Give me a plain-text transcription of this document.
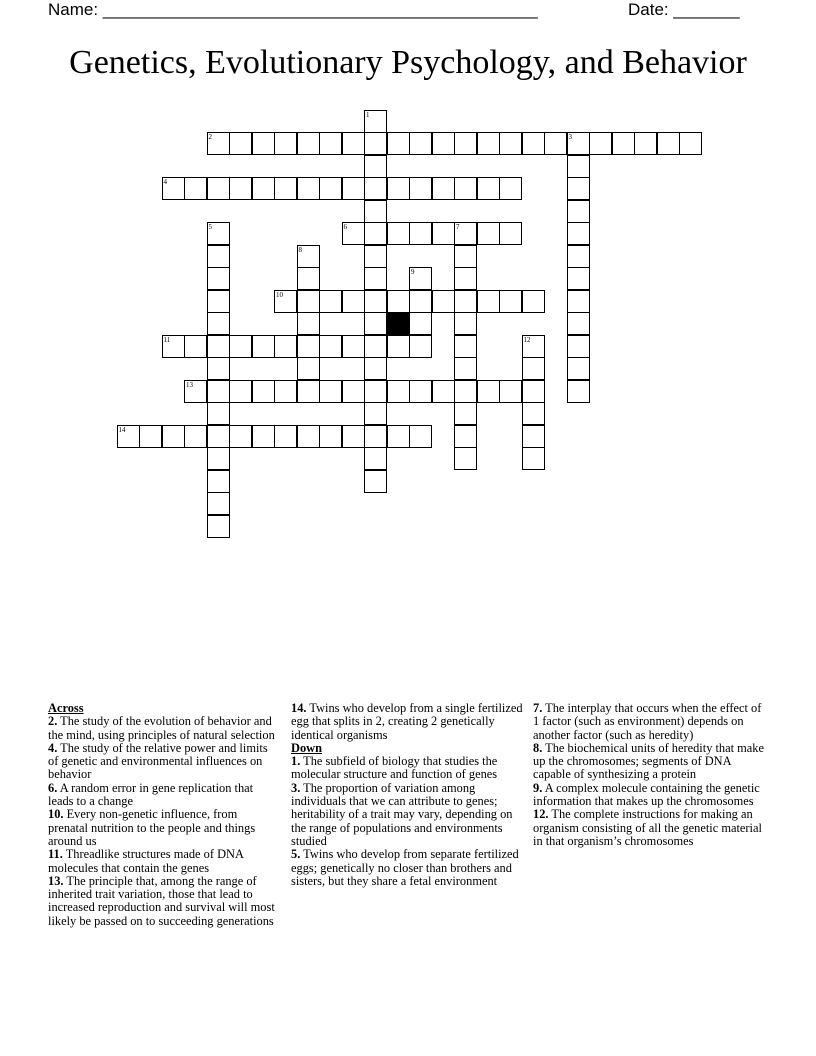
Name: ______________________________________________	Date: _______
Genetics, Evolutionary Psychology, and Behavior
1
2	3
4
5	6	7
8
9
10
11	12
13
14

Across

2. The study of the evolution of behavior and the mind, using principles of natural selection

4. The study of the relative power and limits of genetic and environmental influences on behavior

6. A random error in gene replication that leads to a change

10. Every non-genetic influence, from prenatal nutrition to the people and things around us

11. Threadlike structures made of DNA molecules that contain the genes

13. The principle that, among the range of inherited trait variation, those that lead to increased reproduction and survival will most likely be passed on to succeeding generations

14. Twins who develop from a single fertilized egg that splits in 2, creating 2 genetically identical organisms

Down

1. The subfield of biology that studies the molecular structure and function of genes

3. The proportion of variation among individuals that we can attribute to genes; heritability of a trait may vary, depending on the range of populations and environments studied

5. Twins who develop from separate fertilized eggs; genetically no closer than brothers and sisters, but they share a fetal environment

7. The interplay that occurs when the effect of 1 factor (such as environment) depends on another factor (such as heredity)

8. The biochemical units of heredity that make up the chromosomes; segments of DNA capable of synthesizing a protein

9. A complex molecule containing the genetic information that makes up the chromosomes

12. The complete instructions for making an organism consisting of all the genetic material in that organism’s chromosomes
